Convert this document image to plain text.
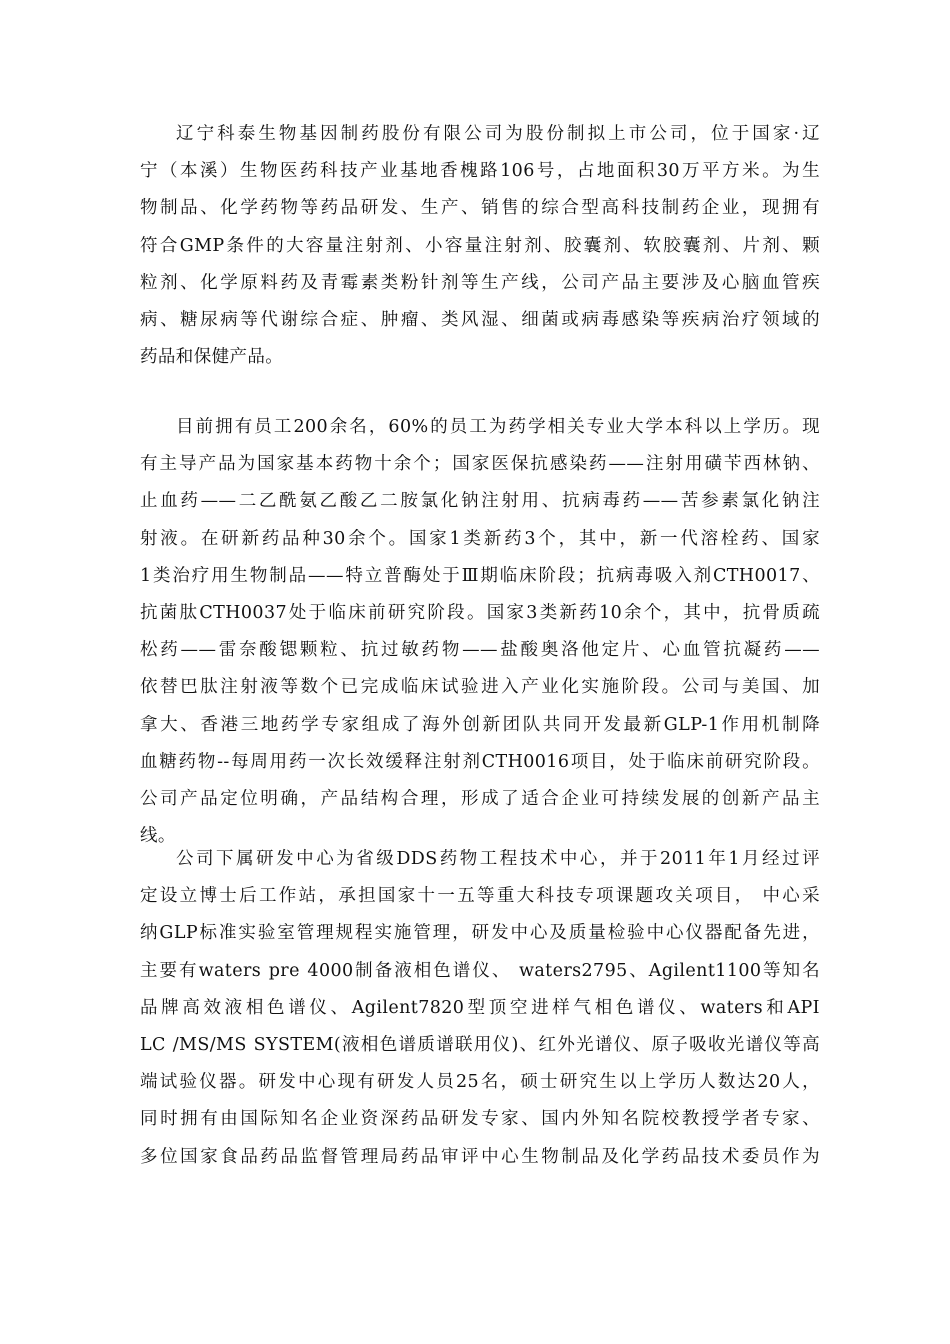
辽宁科泰生物基因制药股份有限公司为股份制拟上市公司，位于国家·辽
宁（本溪）生物医药科技产业基地香槐路106号，占地面积30万平方米。为生
物制品、化学药物等药品研发、生产、销售的综合型高科技制药企业，现拥有
符合GMP条件的大容量注射剂、小容量注射剂、胶囊剂、软胶囊剂、片剂、颗
粒剂、化学原料药及青霉素类粉针剂等生产线，公司产品主要涉及心脑血管疾
病、糖尿病等代谢综合症、肿瘤、类风湿、细菌或病毒感染等疾病治疗领域的
药品和保健产品。
目前拥有员工200余名，60%的员工为药学相关专业大学本科以上学历。现
有主导产品为国家基本药物十余个；国家医保抗感染药——注射用磺苄西林钠、
止血药——二乙酰氨乙酸乙二胺氯化钠注射用、抗病毒药——苦参素氯化钠注
射液。在研新药品种30余个。国家1类新药3个，其中，新一代溶栓药、国家
1类治疗用生物制品——特立普酶处于Ⅲ期临床阶段；抗病毒吸入剂CTH0017、
抗菌肽CTH0037处于临床前研究阶段。国家3类新药10余个，其中，抗骨质疏
松药——雷奈酸锶颗粒、抗过敏药物——盐酸奥洛他定片、心血管抗凝药——
依替巴肽注射液等数个已完成临床试验进入产业化实施阶段。公司与美国、加
拿大、香港三地药学专家组成了海外创新团队共同开发最新GLP-1作用机制降
血糖药物--每周用药一次长效缓释注射剂CTH0016项目，处于临床前研究阶段。
公司产品定位明确，产品结构合理，形成了适合企业可持续发展的创新产品主
线。
公司下属研发中心为省级DDS药物工程技术中心，并于2011年1月经过评
定设立博士后工作站，承担国家十一五等重大科技专项课题攻关项目， 中心采
纳GLP标准实验室管理规程实施管理，研发中心及质量检验中心仪器配备先进，
主要有waters pre 4000制备液相色谱仪、 waters2795、Agilent1100等知名
品牌高效液相色谱仪、Agilent7820型顶空进样气相色谱仪、waters和API
LC /MS/MS SYSTEM(液相色谱质谱联用仪)、红外光谱仪、原子吸收光谱仪等高
端试验仪器。研发中心现有研发人员25名，硕士研究生以上学历人数达20人，
同时拥有由国际知名企业资深药品研发专家、国内外知名院校教授学者专家、
多位国家食品药品监督管理局药品审评中心生物制品及化学药品技术委员作为
